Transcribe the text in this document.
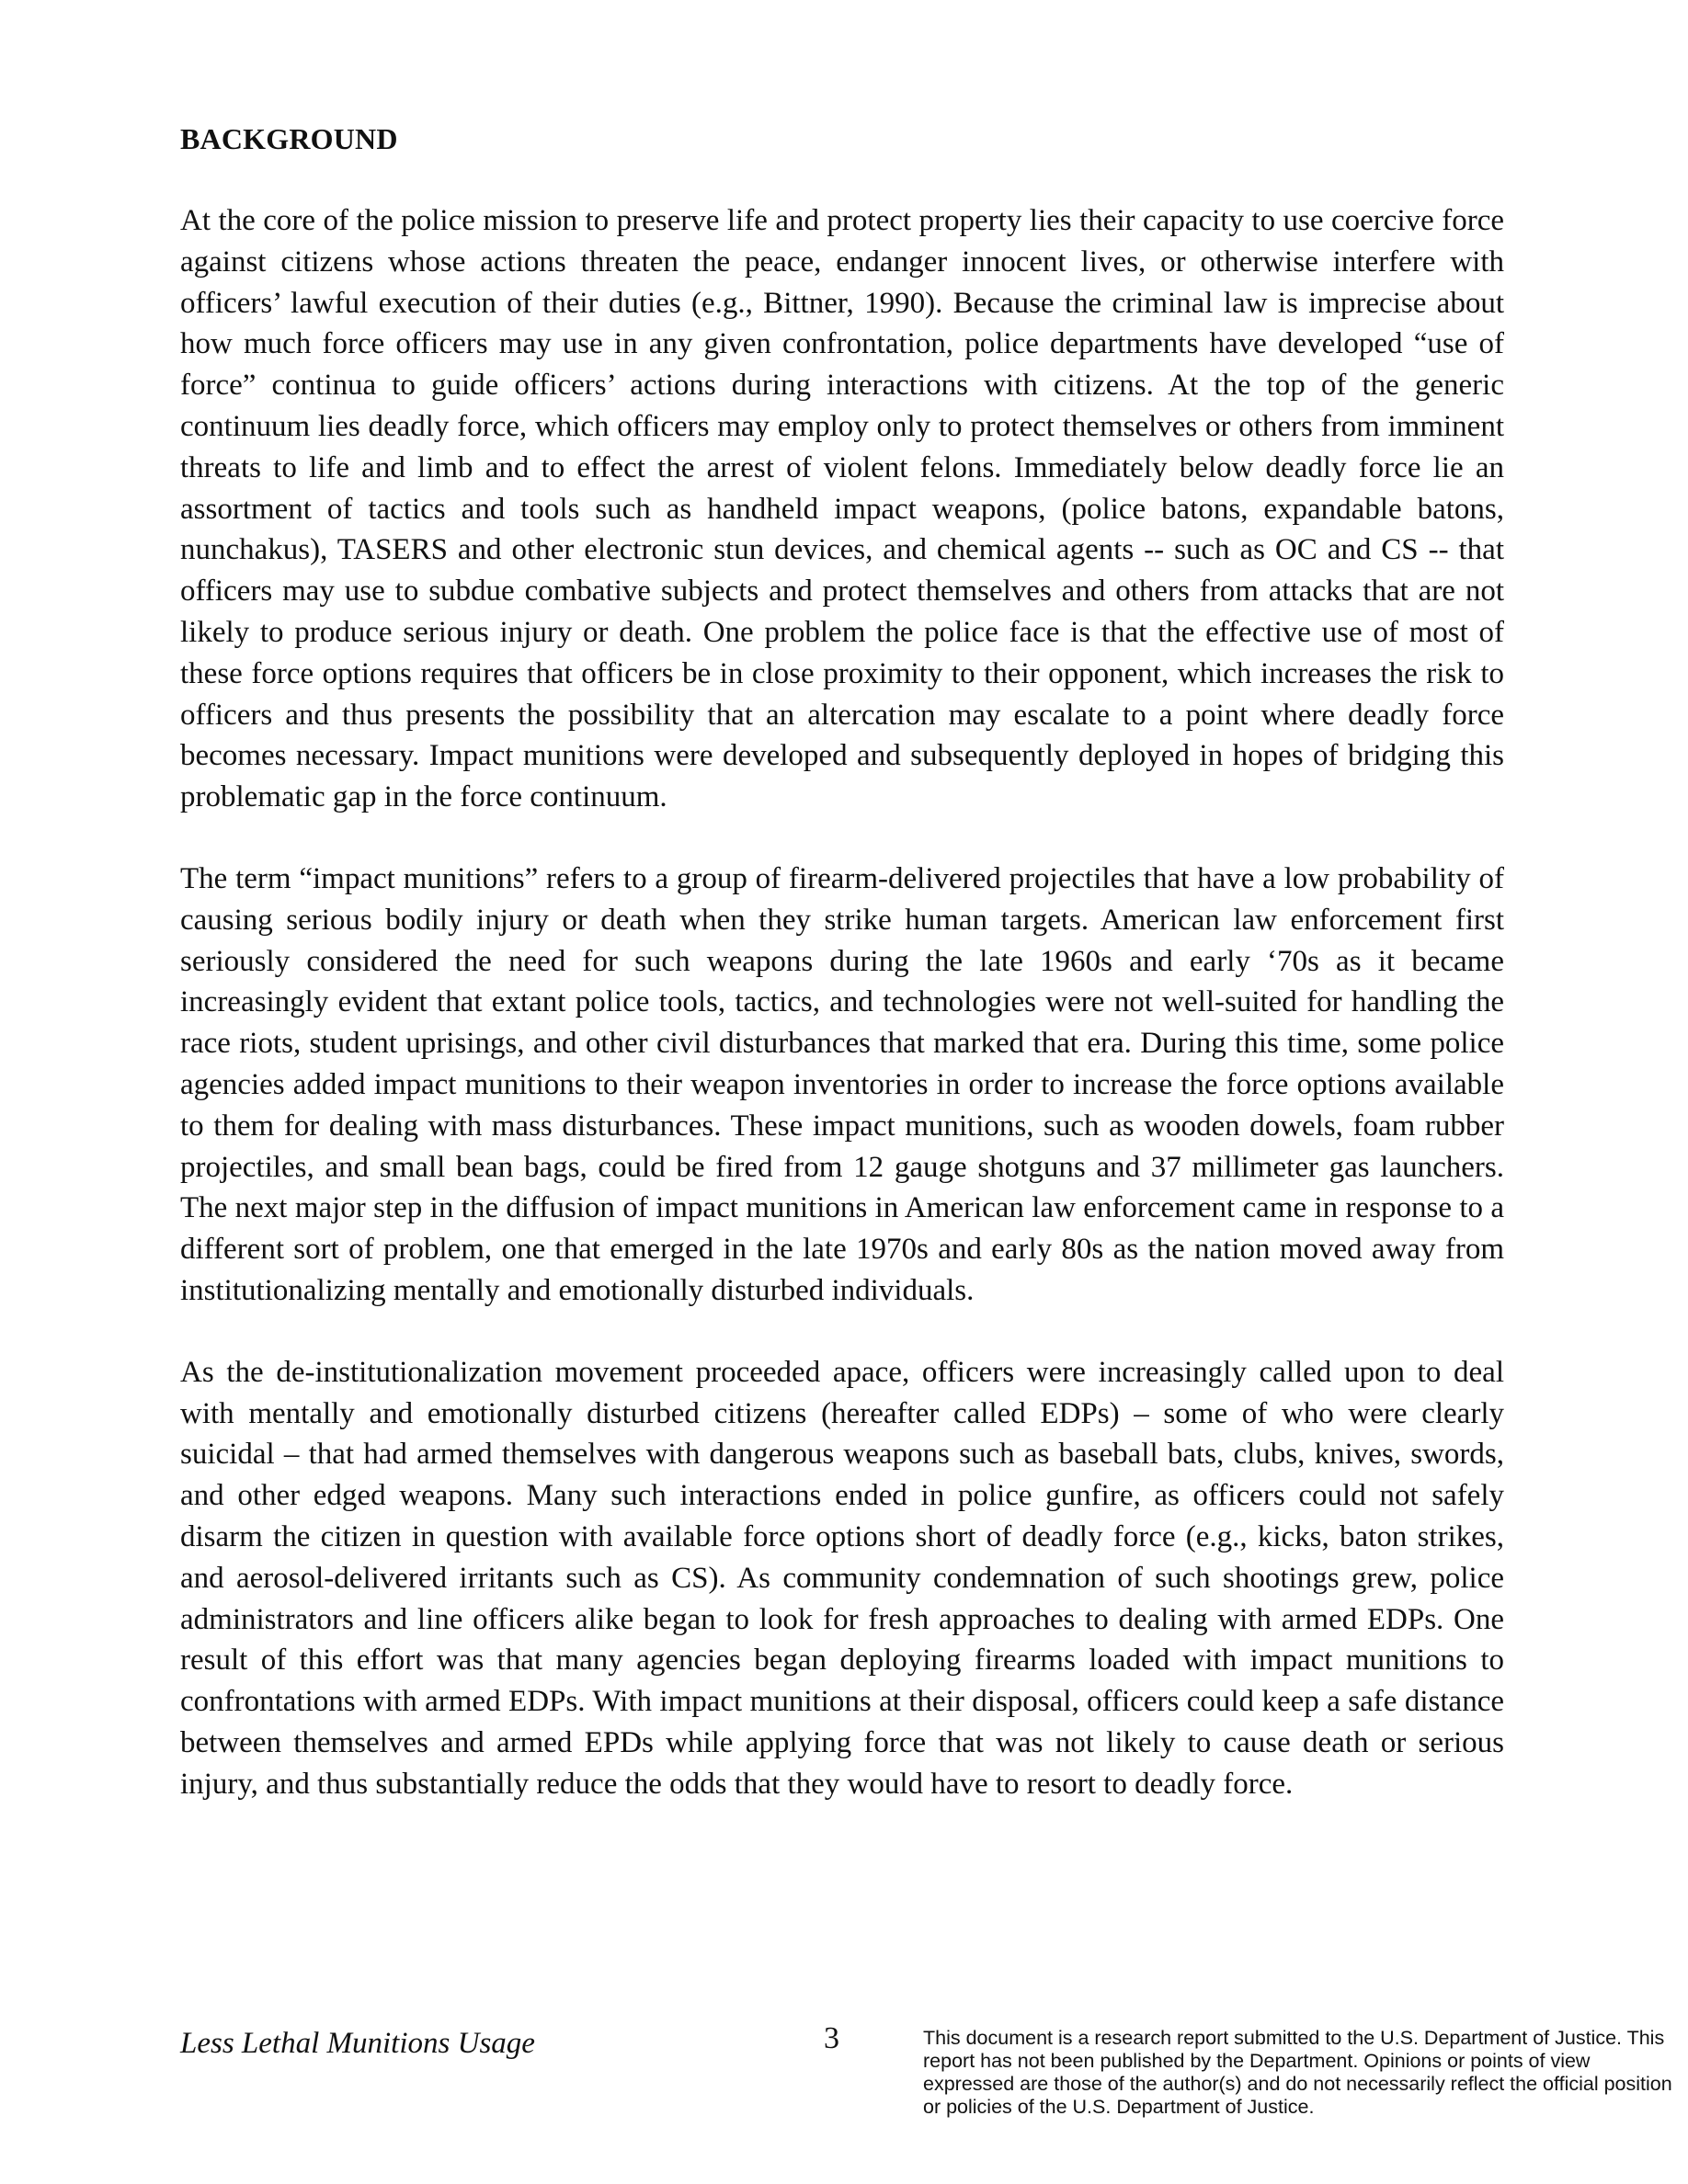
BACKGROUND

At the core of the police mission to preserve life and protect property lies their capacity to use coercive force against citizens whose actions threaten the peace, endanger innocent lives, or otherwise interfere with officers’ lawful execution of their duties (e.g., Bittner, 1990). Because the criminal law is imprecise about how much force officers may use in any given confrontation, police departments have developed “use of force” continua to guide officers’ actions during interactions with citizens. At the top of the generic continuum lies deadly force, which officers may employ only to protect themselves or others from imminent threats to life and limb and to effect the arrest of violent felons. Immediately below deadly force lie an assortment of tactics and tools such as handheld impact weapons, (police batons, expandable batons, nunchakus), TASERS and other electronic stun devices, and chemical agents -- such as OC and CS -- that officers may use to subdue combative subjects and protect themselves and others from attacks that are not likely to produce serious injury or death. One problem the police face is that the effective use of most of these force options requires that officers be in close proximity to their opponent, which increases the risk to officers and thus presents the possibility that an altercation may escalate to a point where deadly force becomes necessary. Impact munitions were developed and subsequently deployed in hopes of bridging this problematic gap in the force continuum.

The term “impact munitions” refers to a group of firearm-delivered projectiles that have a low probability of causing serious bodily injury or death when they strike human targets. American law enforcement first seriously considered the need for such weapons during the late 1960s and early ‘70s as it became increasingly evident that extant police tools, tactics, and technologies were not well-suited for handling the race riots, student uprisings, and other civil disturbances that marked that era. During this time, some police agencies added impact munitions to their weapon inventories in order to increase the force options available to them for dealing with mass disturbances. These impact munitions, such as wooden dowels, foam rubber projectiles, and small bean bags, could be fired from 12 gauge shotguns and 37 millimeter gas launchers. The next major step in the diffusion of impact munitions in American law enforcement came in response to a different sort of problem, one that emerged in the late 1970s and early 80s as the nation moved away from institutionalizing mentally and emotionally disturbed individuals.

As the de-institutionalization movement proceeded apace, officers were increasingly called upon to deal with mentally and emotionally disturbed citizens (hereafter called EDPs) – some of who were clearly suicidal – that had armed themselves with dangerous weapons such as baseball bats, clubs, knives, swords, and other edged weapons. Many such interactions ended in police gunfire, as officers could not safely disarm the citizen in question with available force options short of deadly force (e.g., kicks, baton strikes, and aerosol-delivered irritants such as CS). As community condemnation of such shootings grew, police administrators and line officers alike began to look for fresh approaches to dealing with armed EDPs. One result of this effort was that many agencies began deploying firearms loaded with impact munitions to confrontations with armed EDPs. With impact munitions at their disposal, officers could keep a safe distance between themselves and armed EPDs while applying force that was not likely to cause death or serious injury, and thus substantially reduce the odds that they would have to resort to deadly force.

Less Lethal Munitions Usage	3	This document is a research report submitted to the U.S. Department of Justice. This report has not been published by the Department. Opinions or points of view expressed are those of the author(s) and do not necessarily reflect the official position or policies of the U.S. Department of Justice.
